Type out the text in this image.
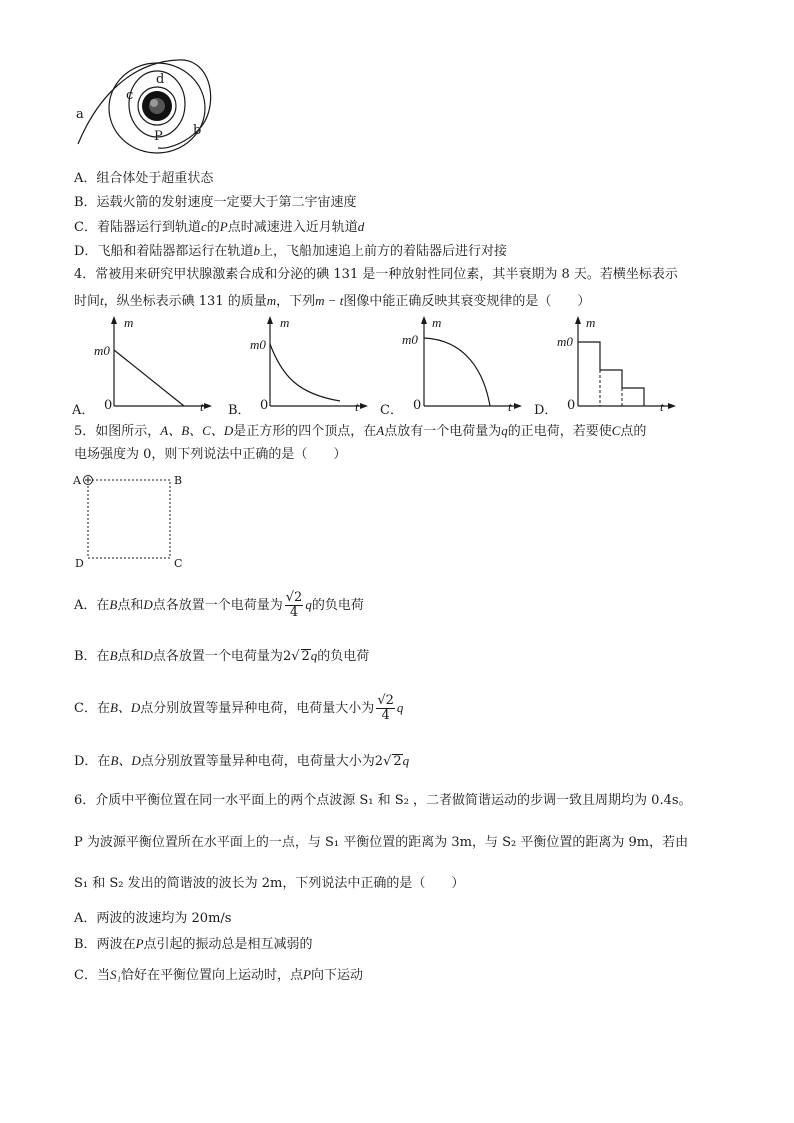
a
c
d
P b
A．组合体处于超重状态
B．运载火箭的发射速度一定要大于第二宇宙速度
C．着陆器运行到轨道c的P点时减速进入近月轨道d
D．飞船和着陆器都运行在轨道b上，飞船加速追上前方的着陆器后进行对接
4．常被用来研究甲状腺激素合成和分泌的碘 131 是一种放射性同位素，其半衰期为 8 天。若横坐标表示
时间t，纵坐标表示碘 131 的质量m，下列m − t图像中能正确反映其衰变规律的是（　　）
A．
m
m0
0	t B．
m
m0
0	t C．
m
m0
0	t D．
m
m0
0	t
5．如图所示，A、B、C、D是正方形的四个顶点，在A点放有一个电荷量为q的正电荷，若要使C点的
电场强度为 0，则下列说法中正确的是（　　）
A	B
D	C
A．在B点和D点各放置一个电荷量为 $\frac{√2}{4}$ q的负电荷
B．在B点和D点各放置一个电荷量为2√ 2q的负电荷
C．在B、D点分别放置等量异种电荷，电荷量大小为 $\frac{√2}{4}$ q
D．在B、D点分别放置等量异种电荷，电荷量大小为2√ 2q
6．介质中平衡位置在同一水平面上的两个点波源 S₁ 和 S₂ ，二者做简谐运动的步调一致且周期均为 0.4s。
P 为波源平衡位置所在水平面上的一点，与 S₁ 平衡位置的距离为 3m，与 S₂ 平衡位置的距离为 9m，若由
S₁ 和 S₂ 发出的简谐波的波长为 2m，下列说法中正确的是（　　）
A．两波的波速均为 20m/s
B．两波在P点引起的振动总是相互减弱的
C．当S₁恰好在平衡位置向上运动时，点P向下运动
